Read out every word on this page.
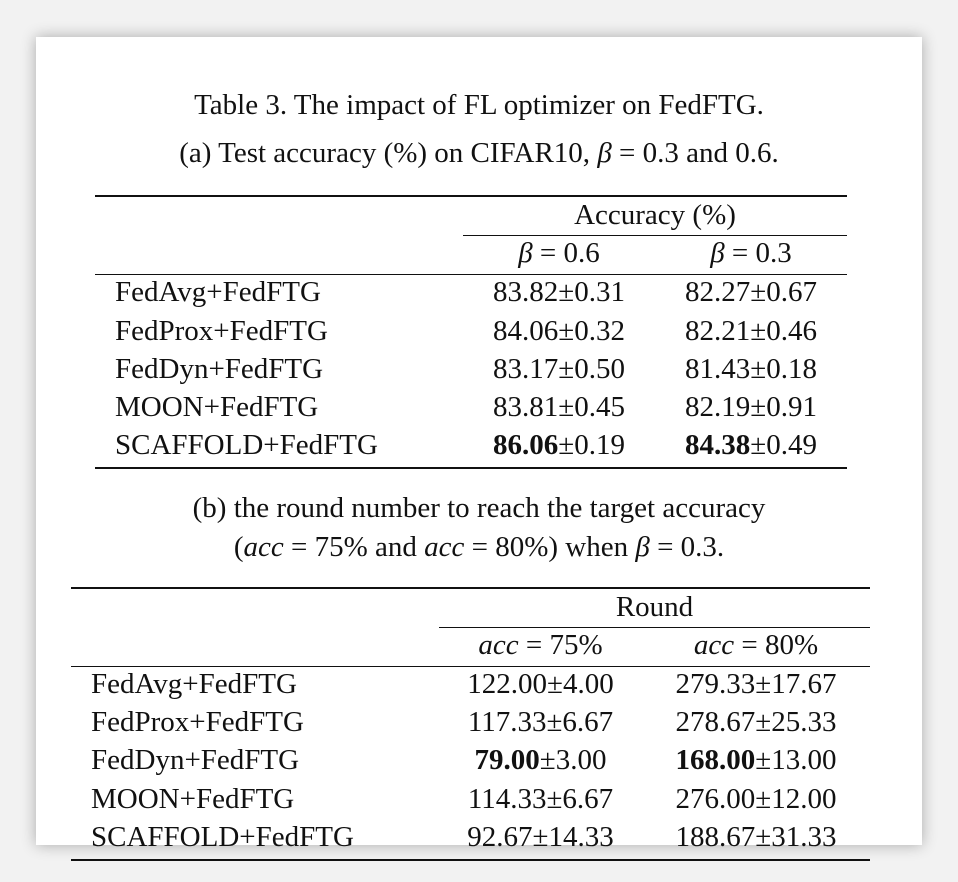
Table 3. The impact of FL optimizer on FedFTG.
(a) Test accuracy (%) on CIFAR10, β = 0.3 and 0.6.
Accuracy (%)
β = 0.6	β = 0.3
FedAvg+FedFTG	83.82±0.31	82.27±0.67
FedProx+FedFTG	84.06±0.32	82.21±0.46
FedDyn+FedFTG	83.17±0.50	81.43±0.18
MOON+FedFTG	83.81±0.45	82.19±0.91
SCAFFOLD+FedFTG	86.06±0.19	84.38±0.49
(b) the round number to reach the target accuracy
(acc = 75% and acc = 80%) when β = 0.3.
Round
acc = 75%	acc = 80%
FedAvg+FedFTG	122.00±4.00	279.33±17.67
FedProx+FedFTG	117.33±6.67	278.67±25.33
FedDyn+FedFTG	79.00±3.00	168.00±13.00
MOON+FedFTG	114.33±6.67	276.00±12.00
SCAFFOLD+FedFTG	92.67±14.33	188.67±31.33
